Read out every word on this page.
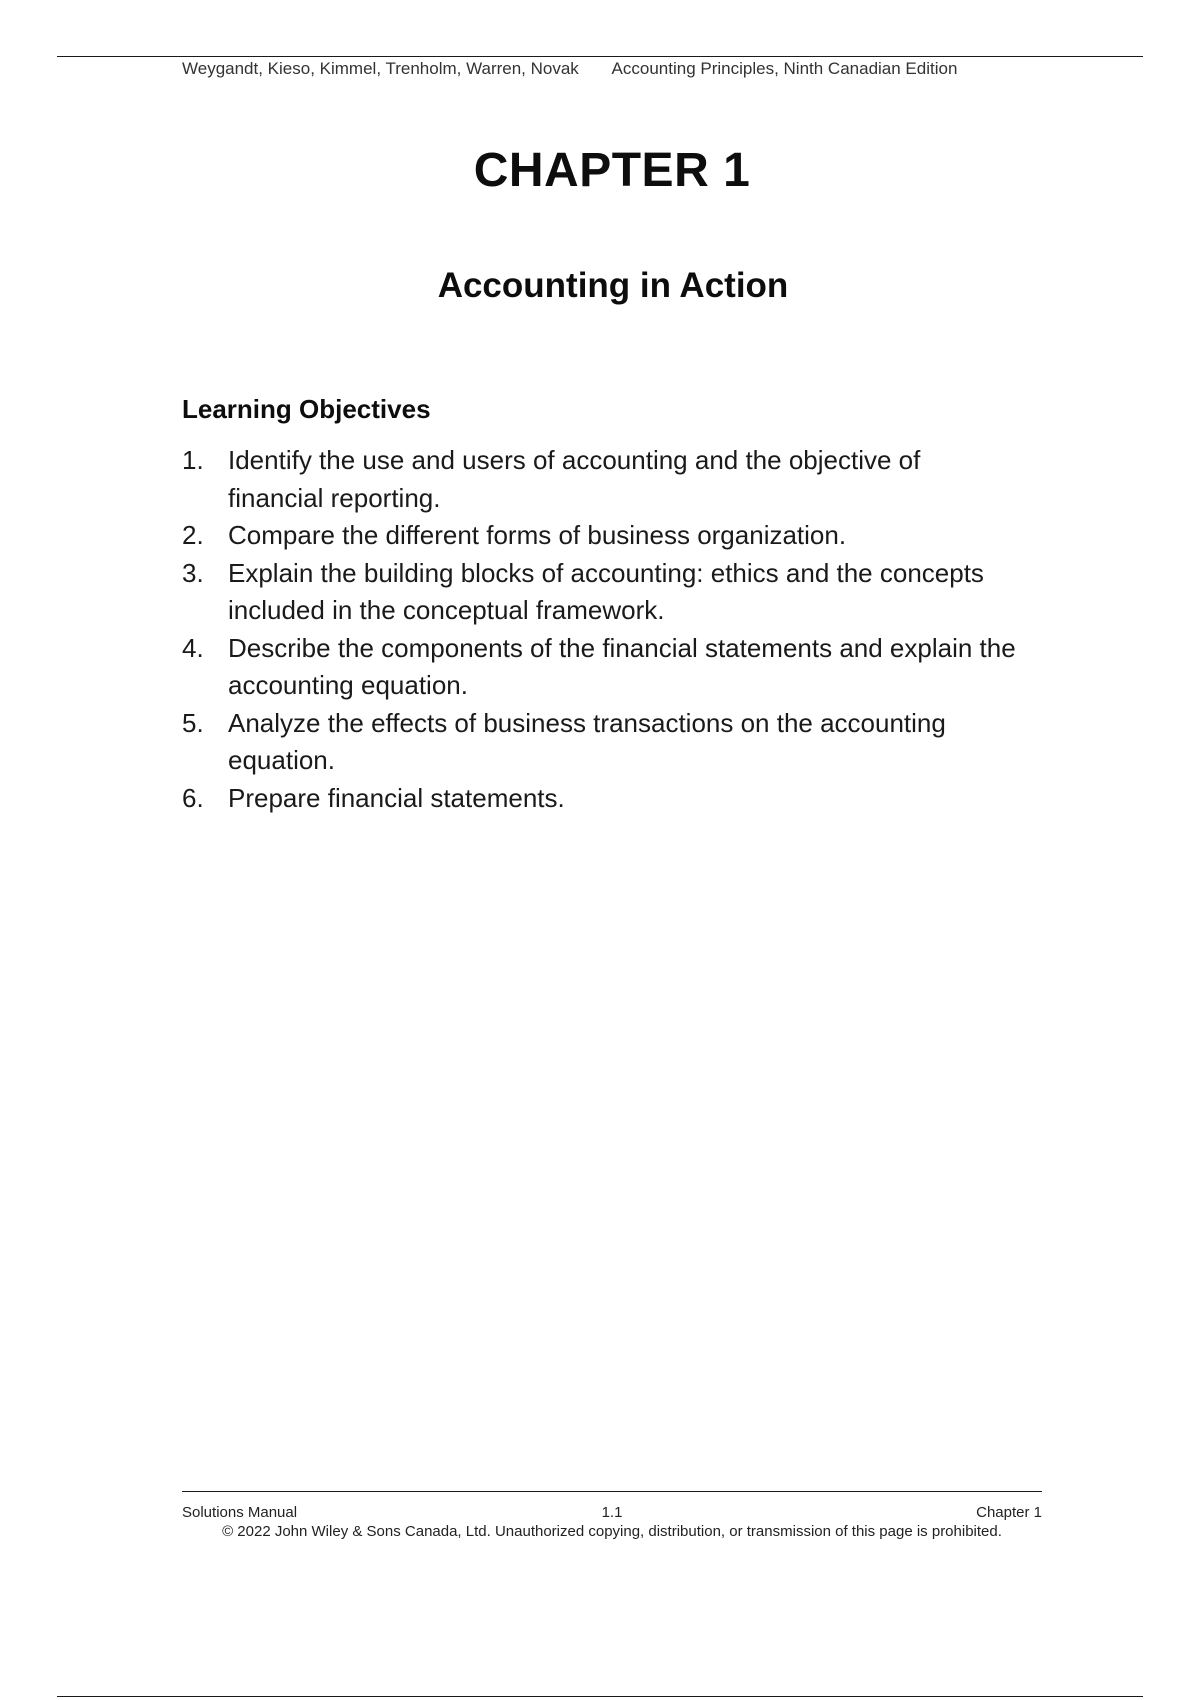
Weygandt, Kieso, Kimmel, Trenholm, Warren, Novak Accounting Principles, Ninth Canadian Edition
CHAPTER 1
Accounting in Action
Learning Objectives
1. Identify the use and users of accounting and the objective of financial reporting.
2. Compare the different forms of business organization.
3. Explain the building blocks of accounting: ethics and the concepts included in the conceptual framework.
4. Describe the components of the financial statements and explain the accounting equation.
5. Analyze the effects of business transactions on the accounting equation.
6. Prepare financial statements.
Solutions Manual	1.1	Chapter 1
© 2022 John Wiley & Sons Canada, Ltd. Unauthorized copying, distribution, or transmission of this page is prohibited.
